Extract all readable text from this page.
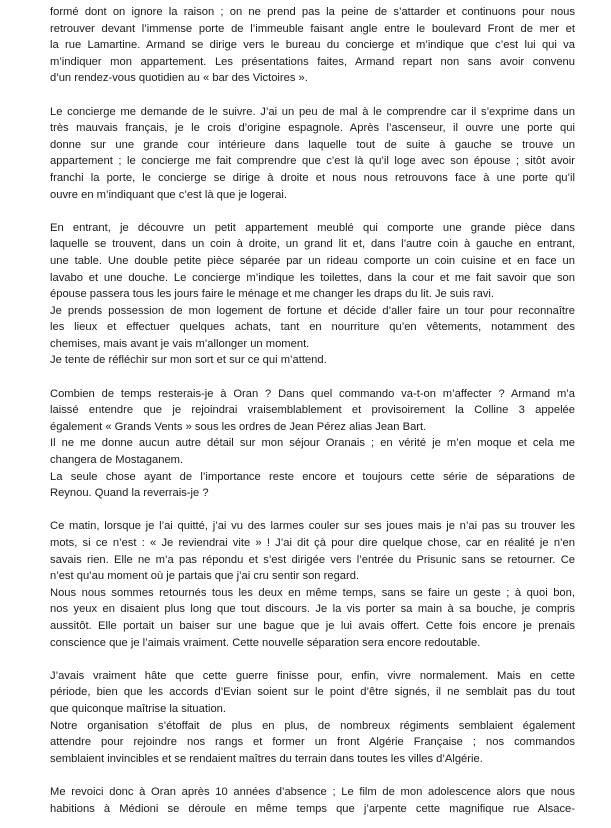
formé dont on ignore la raison ; on ne prend pas la peine de s’attarder et continuons pour nous
retrouver devant l’immense porte de l’immeuble faisant angle entre le boulevard Front de mer et
la rue Lamartine. Armand se dirige vers le bureau du concierge et m’indique que c’est lui qui va
m’indiquer mon appartement. Les présentations faites, Armand repart non sans avoir convenu
d’un rendez-vous quotidien au « bar des Victoires ».
Le concierge me demande de le suivre. J’ai un peu de mal à le comprendre car il s’exprime dans un
très mauvais français, je le crois d’origine espagnole. Après l’ascenseur, il ouvre une porte qui
donne sur une grande cour intérieure dans laquelle tout de suite à gauche se trouve un
appartement ; le concierge me fait comprendre que c’est là qu’il loge avec son épouse ; sitôt avoir
franchi la porte, le concierge se dirige à droite et nous nous retrouvons face à une porte qu’il
ouvre en m’indiquant que c’est là que je logerai.
En entrant, je découvre un petit appartement meublé qui comporte une grande pièce dans
laquelle se trouvent, dans un coin à droite, un grand lit et, dans l’autre coin à gauche en entrant,
une table. Une double petite pièce séparée par un rideau comporte un coin cuisine et en face un
lavabo et une douche. Le concierge m’indique les toilettes, dans la cour et me fait savoir que son
épouse passera tous les jours faire le ménage et me changer les draps du lit. Je suis ravi.
Je prends possession de mon logement de fortune et décide d’aller faire un tour pour reconnaître
les lieux et effectuer quelques achats, tant en nourriture qu’en vêtements, notamment des
chemises, mais avant je vais m’allonger un moment.
Je tente de réfléchir sur mon sort et sur ce qui m’attend.
Combien de temps resterais-je à Oran ? Dans quel commando va-t-on m’affecter ? Armand m’a
laissé entendre que je rejoindrai vraisemblablement et provisoirement la Colline 3 appelée
également « Grands Vents » sous les ordres de Jean Pérez alias Jean Bart.
Il ne me donne aucun autre détail sur mon séjour Oranais ; en vérité je m’en moque et cela me
changera de Mostaganem.
La seule chose ayant de l’importance reste encore et toujours cette série de séparations de
Reynou. Quand la reverrais-je ?
Ce matin, lorsque je l’ai quitté, j’ai vu des larmes couler sur ses joues mais je n’ai pas su trouver les
mots, si ce n’est : « Je reviendrai vite » ! J’ai dit çà pour dire quelque chose, car en réalité je n’en
savais rien. Elle ne m’a pas répondu et s’est dirigée vers l’entrée du Prisunic sans se retourner. Ce
n’est qu’au moment où je partais que j’ai cru sentir son regard.
Nous nous sommes retournés tous les deux en même temps, sans se faire un geste ; à quoi bon,
nos yeux en disaient plus long que tout discours. Je la vis porter sa main à sa bouche, je compris
aussitôt. Elle portait un baiser sur une bague que je lui avais offert. Cette fois encore je prenais
conscience que je l’aimais vraiment. Cette nouvelle séparation sera encore redoutable.
J’avais vraiment hâte que cette guerre finisse pour, enfin, vivre normalement. Mais en cette
période, bien que les accords d’Evian soient sur le point d’être signés, il ne semblait pas du tout
que quiconque maîtrise la situation.
Notre organisation s’étoffait de plus en plus, de nombreux régiments semblaient également
attendre pour rejoindre nos rangs et former un front Algérie Française ; nos commandos
semblaient invincibles et se rendaient maîtres du terrain dans toutes les villes d’Algérie.
Me revoici donc à Oran après 10 années d’absence ; Le film de mon adolescence alors que nous
habitions à Médioni se déroule en même temps que j’arpente cette magnifique rue Alsace-
